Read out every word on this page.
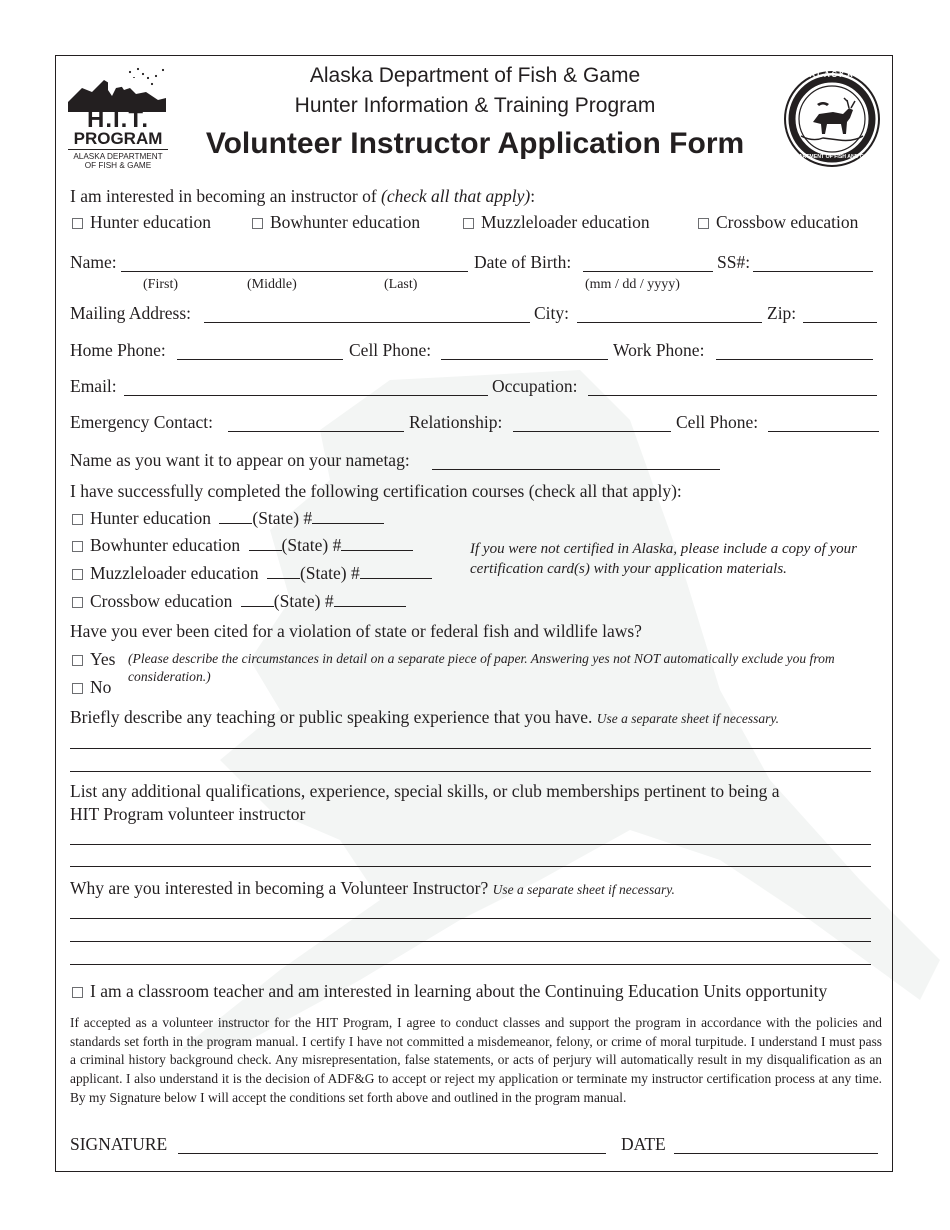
H.I.T.
PROGRAM
ALASKA DEPARTMENT
OF FISH & GAME
Alaska Department of Fish & Game
Hunter Information & Training Program
Volunteer Instructor Application Form
ALASKA
DEPARTMENT OF FISH AND GAME
I am interested in becoming an instructor of (check all that apply):
Hunter education	Bowhunter education	Muzzleloader education	Crossbow education
Name:	Date of Birth:	SS#:
(First)	(Middle)	(Last)	(mm / dd / yyyy)
Mailing Address:	City:	Zip:
Home Phone:	Cell Phone:	Work Phone:
Email:	Occupation:
Emergency Contact:	Relationship:	Cell Phone:
Name as you want it to appear on your nametag:
I have successfully completed the following certification courses (check all that apply):
Hunter education (State) #
Bowhunter education (State) #
Muzzleloader education (State) #
Crossbow education (State) #
If you were not certified in Alaska, please include a copy of your certification card(s) with your application materials.
Have you ever been cited for a violation of state or federal fish and wildlife laws?
Yes
No
(Please describe the circumstances in detail on a separate piece of paper. Answering yes not NOT automatically exclude you from consideration.)
Briefly describe any teaching or public speaking experience that you have. Use a separate sheet if necessary.
List any additional qualifications, experience, special skills, or club memberships pertinent to being a
HIT Program volunteer instructor
Why are you interested in becoming a Volunteer Instructor? Use a separate sheet if necessary.
I am a classroom teacher and am interested in learning about the Continuing Education Units opportunity
If accepted as a volunteer instructor for the HIT Program, I agree to conduct classes and support the program in accordance with the policies and standards set forth in the program manual. I certify I have not committed a misdemeanor, felony, or crime of moral turpitude. I understand I must pass a criminal history background check. Any misrepresentation, false statements, or acts of perjury will automatically result in my disqualification as an applicant. I also understand it is the decision of ADF&G to accept or reject my application or terminate my instructor certification process at any time. By my Signature below I will accept the conditions set forth above and outlined in the program manual.
SIGNATURE	DATE
